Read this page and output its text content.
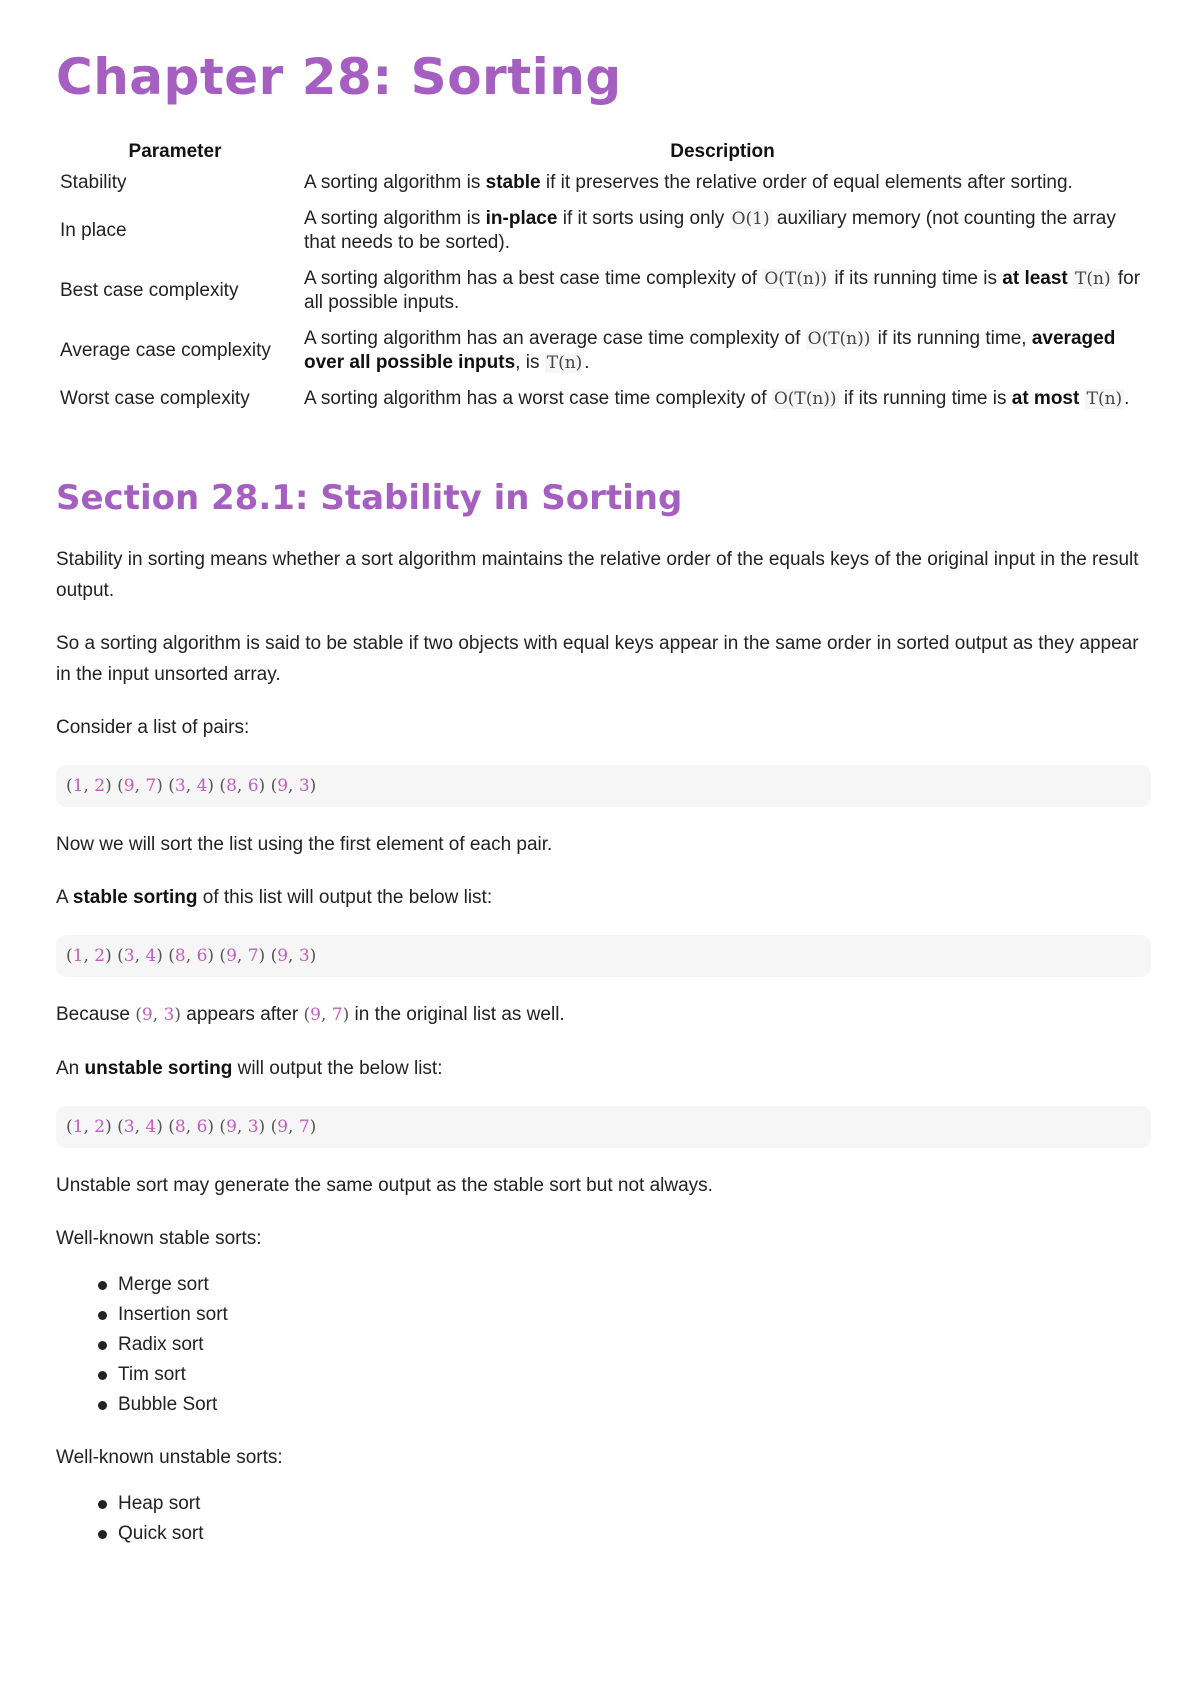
Chapter 28: Sorting
Parameter	Description
Stability	A sorting algorithm is stable if it preserves the relative order of equal elements after sorting.
In place	A sorting algorithm is in-place if it sorts using only O(1) auxiliary memory (not counting the array that needs to be sorted).
Best case complexity	A sorting algorithm has a best case time complexity of O(T(n)) if its running time is at least T(n) for all possible inputs.
Average case complexity	A sorting algorithm has an average case time complexity of O(T(n)) if its running time, averaged over all possible inputs, is T(n) .
Worst case complexity	A sorting algorithm has a worst case time complexity of O(T(n)) if its running time is at most T(n) .
Section 28.1: Stability in Sorting

Stability in sorting means whether a sort algorithm maintains the relative order of the equals keys of the original input in the result output.

So a sorting algorithm is said to be stable if two objects with equal keys appear in the same order in sorted output as they appear in the input unsorted array.

Consider a list of pairs:

(1, 2) (9, 7) (3, 4) (8, 6) (9, 3)

Now we will sort the list using the first element of each pair.

A stable sorting of this list will output the below list:

(1, 2) (3, 4) (8, 6) (9, 7) (9, 3)

Because (9, 3) appears after (9, 7) in the original list as well.

An unstable sorting will output the below list:

(1, 2) (3, 4) (8, 6) (9, 3) (9, 7)

Unstable sort may generate the same output as the stable sort but not always.

Well-known stable sorts:

Merge sort
Insertion sort
Radix sort
Tim sort
Bubble Sort

Well-known unstable sorts:

Heap sort
Quick sort
